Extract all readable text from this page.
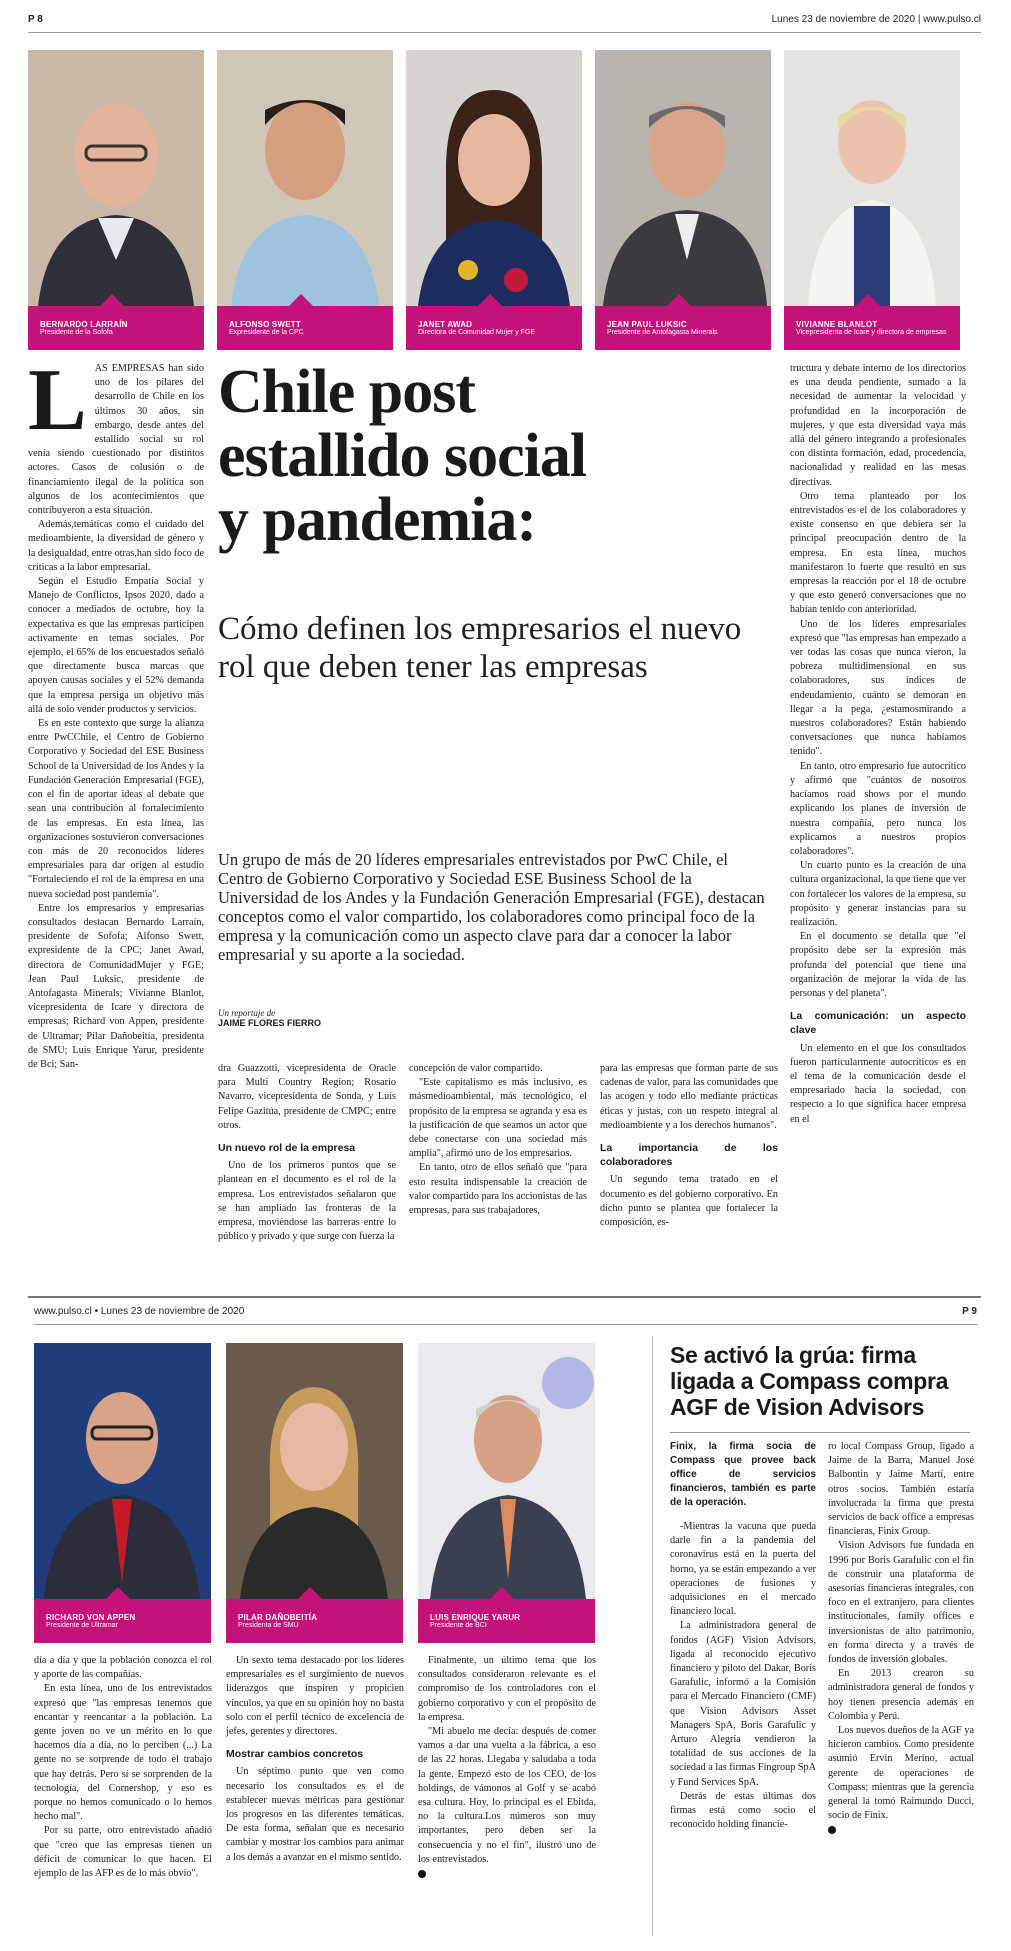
P 8	Lunes 23 de noviembre de 2020 | www.pulso.cl
BERNARDO LARRAÍN
Presidente de la Sofofa
ALFONSO SWETT
Expresidente de la CPC
JANET AWAD
Directora de Comunidad Mujer y FGE
JEAN PAUL LUKSIC
Presidente de Antofagasta Minerals
VIVIANNE BLANLOT
Vicepresidenta de Icare y directora de empresas

LAS EMPRESAS han sido uno de los pilares del desarrollo de Chile en los últimos 30 años, sin embargo, desde antes del estallido social su rol venía siendo cuestionado por distintos actores. Casos de colusión o de financiamiento ilegal de la política son algunos de los acontecimientos que contribuyeron a esta situación.

Además,temáticas como el cuidado del medioambiente, la diversidad de género y la desigualdad, entre otras,han sido foco de críticas a la labor empresarial.

Según el Estudio Empatía Social y Manejo de Conflictos, Ipsos 2020, dado a conocer a mediados de octubre, hoy la expectativa es que las empresas participen activamente en temas sociales. Por ejemplo, el 65% de los encuestados señaló que directamente busca marcas que apoyen causas sociales y el 52% demanda que la empresa persiga un objetivo más allá de solo vender productos y servicios.

Es en este contexto que surge la alianza entre PwCChile, el Centro de Gobierno Corporativo y Sociedad del ESE Business School de la Universidad de los Andes y la Fundación Generación Empresarial (FGE), con el fin de aportar ideas al debate que sean una contribución al fortalecimiento de las empresas. En esta línea, las organizaciones sostuvieron conversaciones con más de 20 reconocidos líderes empresariales para dar origen al estudio "Fortaleciendo el rol de la empresa en una nueva sociedad post pandemia".

Entre los empresarios y empresarias consultados destacan Bernardo Larraín, presidente de Sofofa; Alfonso Swett, expresidente de la CPC; Janet Awad, directora de ComunidadMujer y FGE; Jean Paul Luksic, presidente de Antofagasta Minerals; Vivianne Blanlot, vicepresidenta de Icare y directora de empresas; Richard von Appen, presidente de Ultramar; Pilar Dañobeitía, presidenta de SMU; Luis Enrique Yarur, presidente de Bci; San-

Chile post
estallido social
y pandemia:
Cómo definen los empresarios el nuevo rol que deben tener las empresas
Un grupo de más de 20 líderes empresariales entrevistados por PwC Chile, el Centro de Gobierno Corporativo y Sociedad ESE Business School de la Universidad de los Andes y la Fundación Generación Empresarial (FGE), destacan conceptos como el valor compartido, los colaboradores como principal foco de la empresa y la comunicación como un aspecto clave para dar a conocer la labor empresarial y su aporte a la sociedad.
Un reportaje de
JAIME FLORES FIERRO

dra Guazzotti, vicepresidenta de Oracle para Multi Country Region; Rosario Navarro, vicepresidenta de Sonda, y Luis Felipe Gazitúa, presidente de CMPC; entre otros.

Un nuevo rol de la empresa

Uno de los primeros puntos que se plantean en el documento es el rol de la empresa. Los entrevistados señalaron que se han ampliado las fronteras de la empresa, moviéndose las barreras entre lo público y privado y que surge con fuerza la

concepción de valor compartido.

"Este capitalismo es más inclusivo, es másmedioambiental, más tecnológico, el propósito de la empresa se agranda y esa es la justificación de que seamos un actor que debe conectarse con una sociedad más amplia", afirmó uno de los empresarios.

En tanto, otro de ellos señaló que "para esto resulta indispensable la creación de valor compartido para los accionistas de las empresas, para sus trabajadores,

para las empresas que forman parte de sus cadenas de valor, para las comunidades que las acogen y todo ello mediante prácticas éticas y justas, con un respeto integral al medioambiente y a los derechos humanos".

La importancia de los colaboradores

Un segundo tema tratado en el documento es del gobierno corporativo. En dicho punto se plantea que fortalecer la composición, es-

tructura y debate interno de los directorios es una deuda pendiente, sumado a la necesidad de aumentar la velocidad y profundidad en la incorporación de mujeres, y que esta diversidad vaya más allá del género integrando a profesionales con distinta formación, edad, procedencia, nacionalidad y realidad en las mesas directivas.

Otro tema planteado por los entrevistados es el de los colaboradores y existe consenso en que debiera ser la principal preocupación dentro de la empresa. En esta línea, muchos manifestaron lo fuerte que resultó en sus empresas la reacción por el 18 de octubre y que esto generó conversaciones que no habían tenido con anterioridad.

Uno de los líderes empresariales expresó que "las empresas han empezado a ver todas las cosas que nunca vieron, la pobreza multidimensional en sus colaboradores, sus índices de endeudamiento, cuánto se demoran en llegar a la pega, ¿estamosmirando a nuestros colaboradores? Están habiendo conversaciones que nunca habíamos tenido".

En tanto, otro empresario fue autocrítico y afirmó que "cuántos de nosotros hacíamos road shows por el mundo explicando los planes de inversión de nuestra compañía, pero nunca los explicamos a nuestros propios colaboradores".

Un cuarto punto es la creación de una cultura organizacional, la que tiene que ver con fortalecer los valores de la empresa, su propósito y generar instancias para su realización.

En el documento se detalla que "el propósito debe ser la expresión más profunda del potencial que tiene una organización de mejorar la vida de las personas y del planeta".

La comunicación: un aspecto clave

Un elemento en el que los consultados fueron particularmente autocríticos es en el tema de la comunicación desde el empresariado hacia la sociedad, con respecto a lo que significa hacer empresa en el

www.pulso.cl • Lunes 23 de noviembre de 2020	P 9
RICHARD VON APPEN
Presidente de Ultramar
PILAR DAÑOBEITÍA
Presidenta de SMU
LUIS ENRIQUE YARUR
Presidente de BCI

día a día y que la población conozca el rol y aporte de las compañías.

En esta línea, uno de los entrevistados expresó que "las empresas tenemos que encantar y reencantar a la población. La gente joven no ve un mérito en lo que hacemos día a día, no lo perciben (...) La gente no se sorprende de todo el trabajo que hay detrás. Pero sí se sorprenden de la tecnología, del Cornershop, y eso es porque no hemos comunicado o lo hemos hecho mal".

Por su parte, otro entrevistado añadió que "creo que las empresas tienen un déficit de comunicar lo que hacen. El ejemplo de las AFP es de lo más obvio".

Un sexto tema destacado por los líderes empresariales es el surgimiento de nuevos liderazgos que inspiren y propicien vínculos, ya que en su opinión hoy no basta solo con el perfil técnico de excelencia de jefes, gerentes y directores.

Mostrar cambios concretos

Un séptimo punto que ven como necesario los consultados es el de establecer nuevas métricas para gestionar los progresos en las diferentes temáticas. De esta forma, señalan que es necesario cambiar y mostrar los cambios para animar a los demás a avanzar en el mismo sentido.

Finalmente, un último tema que los consultados consideraron relevante es el compromiso de los controladores con el gobierno corporativo y con el propósito de la empresa.

"Mi abuelo me decía: después de comer vamos a dar una vuelta a la fábrica, a eso de las 22 horas. Llegaba y saludaba a toda la gente. Empezó esto de los CEO, de los holdings, de vámonos al Golf y se acabó esa cultura. Hoy, lo principal es el Ebitda, no la cultura.Los números son muy importantes, pero deben ser la consecuencia y no el fin", ilustró uno de los entrevistados.

Se activó la grúa: firma ligada a Compass compra AGF de Vision Advisors
Finix, la firma socia de Compass que provee back office de servicios financieros, también es parte de la operación.

-Mientras la vacuna que pueda darle fin a la pandemia del coronavirus está en la puerta del horno, ya se están empezando a ver operaciones de fusiones y adquisiciones en el mercado financiero local.

La administradora general de fondos (AGF) Vision Advisors, ligada al reconocido ejecutivo financiero y piloto del Dakar, Boris Garafulic, informó a la Comisión para el Mercado Financiero (CMF) que Vision Advisors Asset Managers SpA, Boris Garafulic y Arturo Alegría vendieron la totalidad de sus acciones de la sociedad a las firmas Fingroup SpA y Fund Services SpA.

Detrás de estas últimas dos firmas está como socio el reconocido holding financie-

ro local Compass Group, ligado a Jaime de la Barra, Manuel José Balbontín y Jaime Martí, entre otros socios. También estaría involucrada la firma que presta servicios de back office a empresas financieras, Finix Group.

Vision Advisors fue fundada en 1996 por Boris Garafulic con el fin de construir una plataforma de asesorías financieras integrales, con foco en el extranjero, para clientes institucionales, family offices e inversionistas de alto patrimonio, en forma directa y a través de fondos de inversión globales.

En 2013 crearon su administradora general de fondos y hoy tienen presencia además en Colombia y Perú.

Los nuevos dueños de la AGF ya hicieron cambios. Como presidente asumió Ervin Merino, actual gerente de operaciones de Compass; mientras que la gerencia general la tomó Raimundo Ducci, socio de Finix.
